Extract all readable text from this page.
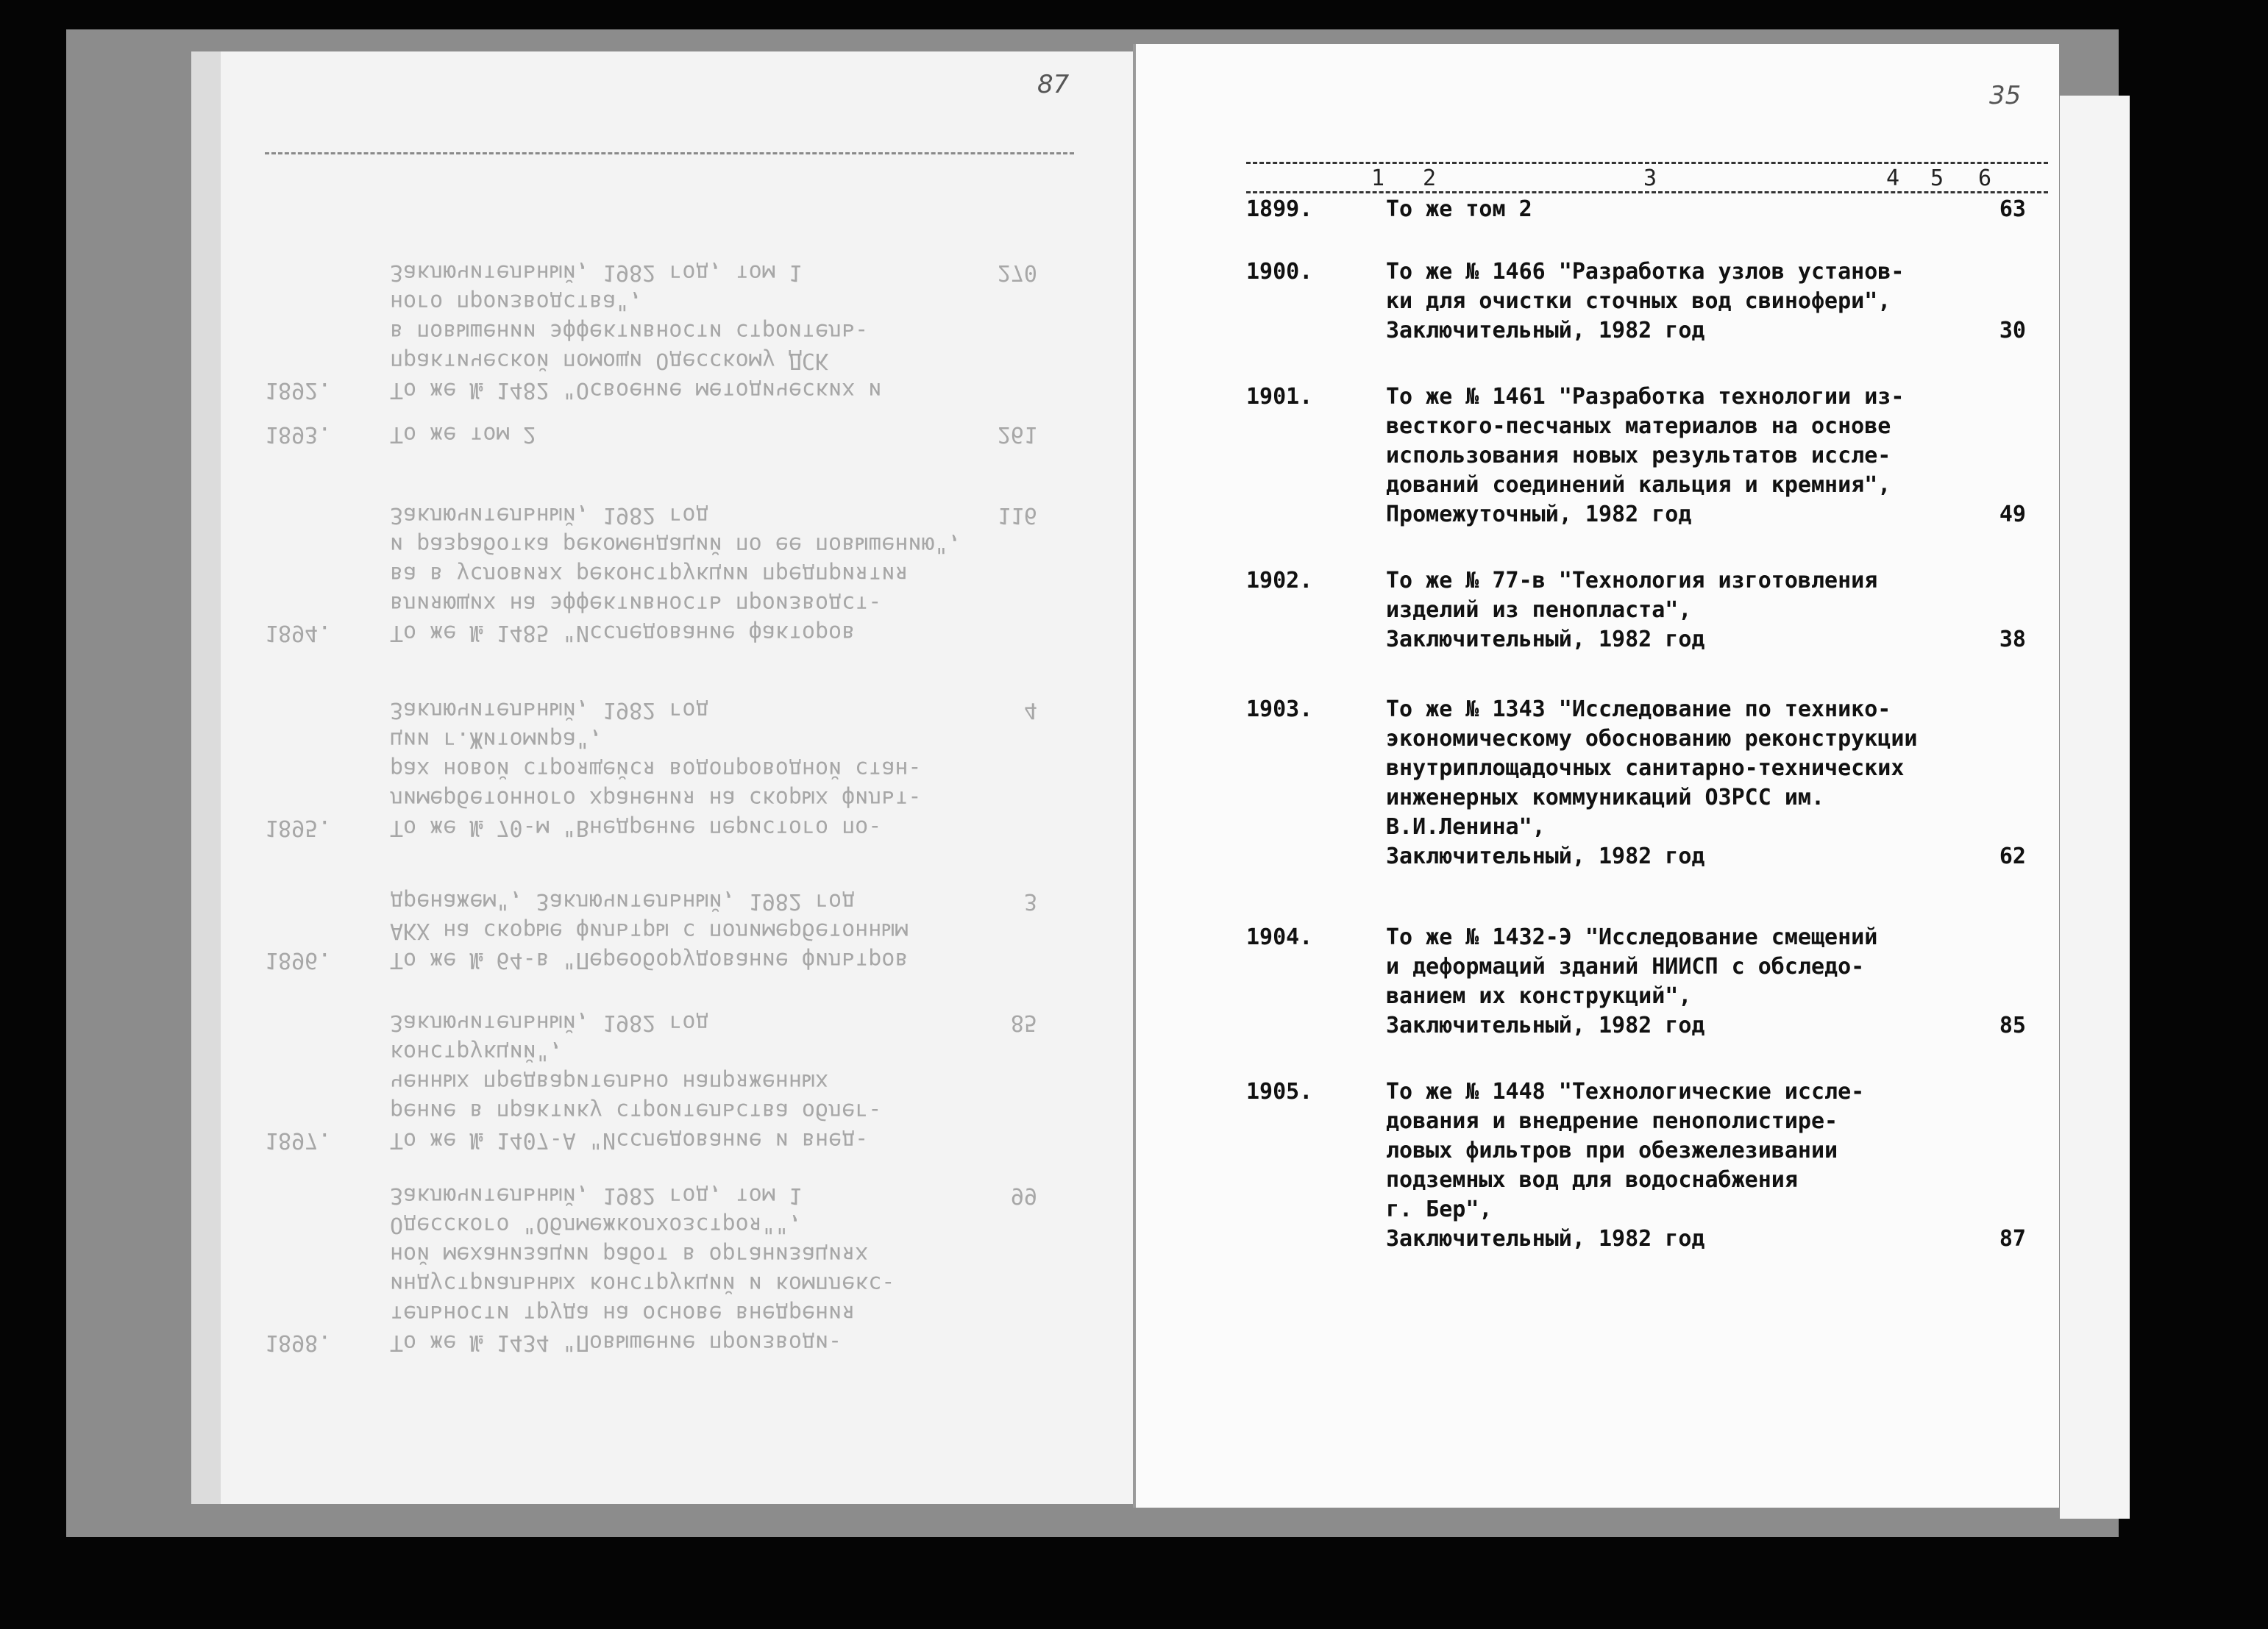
1892.	То же № 1482 "Освоение методических и
практической помощи Одесскому ДСК
в повышении эффективности строитель-
ного производства",
Заключительный, 1982 год, том 1	270
1893.	То же том 2	261
1894.	То же № 1485 "Исследование факторов
влияющих на эффективность производст-
ва в условиях реконструкции предприятия
и разработка рекомендаций по ее повышению",
Заключительный, 1982 год	116
1895.	То же № 70-м "Внедрение перистого по-
лимербетонного хранения на скорых фильт-
рах новой строящейся водопроводной стан-
ции г.Житомира",
Заключительный, 1982 год	4
1896.	То же № 64-в "Переоборудование фильтров
АКХ на скорые фильтры с полимербетонным
дренажем", Заключительный, 1982 год	3
1897.	То же № 1407-А "Исследование и внед-
рение в практику строительства облег-
ченных предварительно напряженных
конструкций",
Заключительный, 1982 год	85
1898.	То же № 1434 "Повышение производи-
тельности труда на основе внедрения
индустриальных конструкций и комплекс-
ной механизации работ в организациях
Одесского "Облмежколхозстроя"",
Заключительный, 1982 год, том 1	99
87	35
1 2	3	4 5 6
1899.	То же том 2	63
1900.	То же № 1466 "Разработка узлов установ-
ки для очистки сточных вод свинофери",
Заключительный, 1982 год	30
1901.	То же № 1461 "Разработка технологии из-
весткого-песчаных материалов на основе
использования новых результатов иссле-
дований соединений кальция и кремния",
Промежуточный, 1982 год	49
1902.	То же № 77-в "Технология изготовления
изделий из пенопласта",
Заключительный, 1982 год	38
1903.	То же № 1343 "Исследование по технико-
экономическому обоснованию реконструкции
внутриплощадочных санитарно-технических
инженерных коммуникаций ОЗРСС им.
В.И.Ленина",
Заключительный, 1982 год	62
1904.	То же № 1432-Э "Исследование смещений
и деформаций зданий НИИСП с обследо-
ванием их конструкций",
Заключительный, 1982 год	85
1905.	То же № 1448 "Технологические иссле-
дования и внедрение пенополистире-
ловых фильтров при обезжелезивании
подземных вод для водоснабжения
г. Бер",
Заключительный, 1982 год	87
